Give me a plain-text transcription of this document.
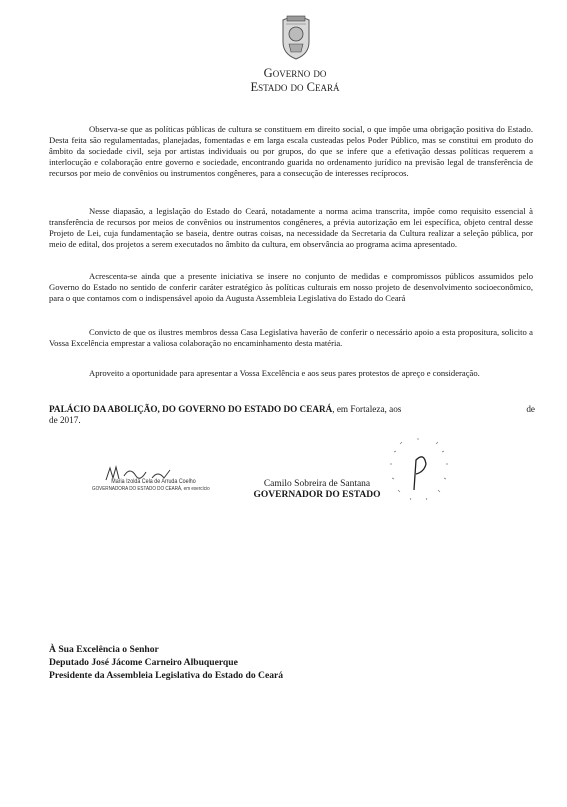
Governo do
Estado do Ceará

Observa-se que as políticas públicas de cultura se constituem em direito social, o que impõe uma obrigação positiva do Estado. Desta feita são regulamentadas, planejadas, fomentadas e em larga escala custeadas pelos Poder Público, mas se constitui em produto do âmbito da sociedade civil, seja por artistas individuais ou por grupos, do que se infere que a efetivação dessas políticas requerem a interlocução e colaboração entre governo e sociedade, encontrando guarida no ordenamento jurídico na previsão legal de transferência de recursos por meio de convênios ou instrumentos congêneres, para a consecução de interesses recíprocos.

Nesse diapasão, a legislação do Estado do Ceará, notadamente a norma acima transcrita, impõe como requisito essencial à transferência de recursos por meios de convênios ou instrumentos congêneres, a prévia autorização em lei específica, objeto central desse Projeto de Lei, cuja fundamentação se baseia, dentre outras coisas, na necessidade da Secretaria da Cultura realizar a seleção pública, por meio de edital, dos projetos a serem executados no âmbito da cultura, em observância ao programa acima apresentado.

Acrescenta-se ainda que a presente iniciativa se insere no conjunto de medidas e compromissos públicos assumidos pelo Governo do Estado no sentido de conferir caráter estratégico às políticas culturais em nosso projeto de desenvolvimento socioeconômico, para o que contamos com o indispensável apoio da Augusta Assembleia Legislativa do Estado do Ceará

Convicto de que os ilustres membros dessa Casa Legislativa haverão de conferir o necessário apoio a esta propositura, solicito a Vossa Excelência emprestar a valiosa colaboração no encaminhamento desta matéria.

Aproveito a oportunidade para apresentar a Vossa Excelência e aos seus pares protestos de apreço e consideração.

PALÁCIO DA ABOLIÇÃO, DO GOVERNO DO ESTADO DO CEARÁ, em Fortaleza, aos	de

de 2017.

Maria Izolda Cela de Arruda Coelho
GOVERNADORA DO ESTADO DO CEARÁ, em exercício	Camilo Sobreira de Santana
GOVERNADOR DO ESTADO

À Sua Excelência o Senhor

Deputado José Jácome Carneiro Albuquerque

Presidente da Assembleia Legislativa do Estado do Ceará
